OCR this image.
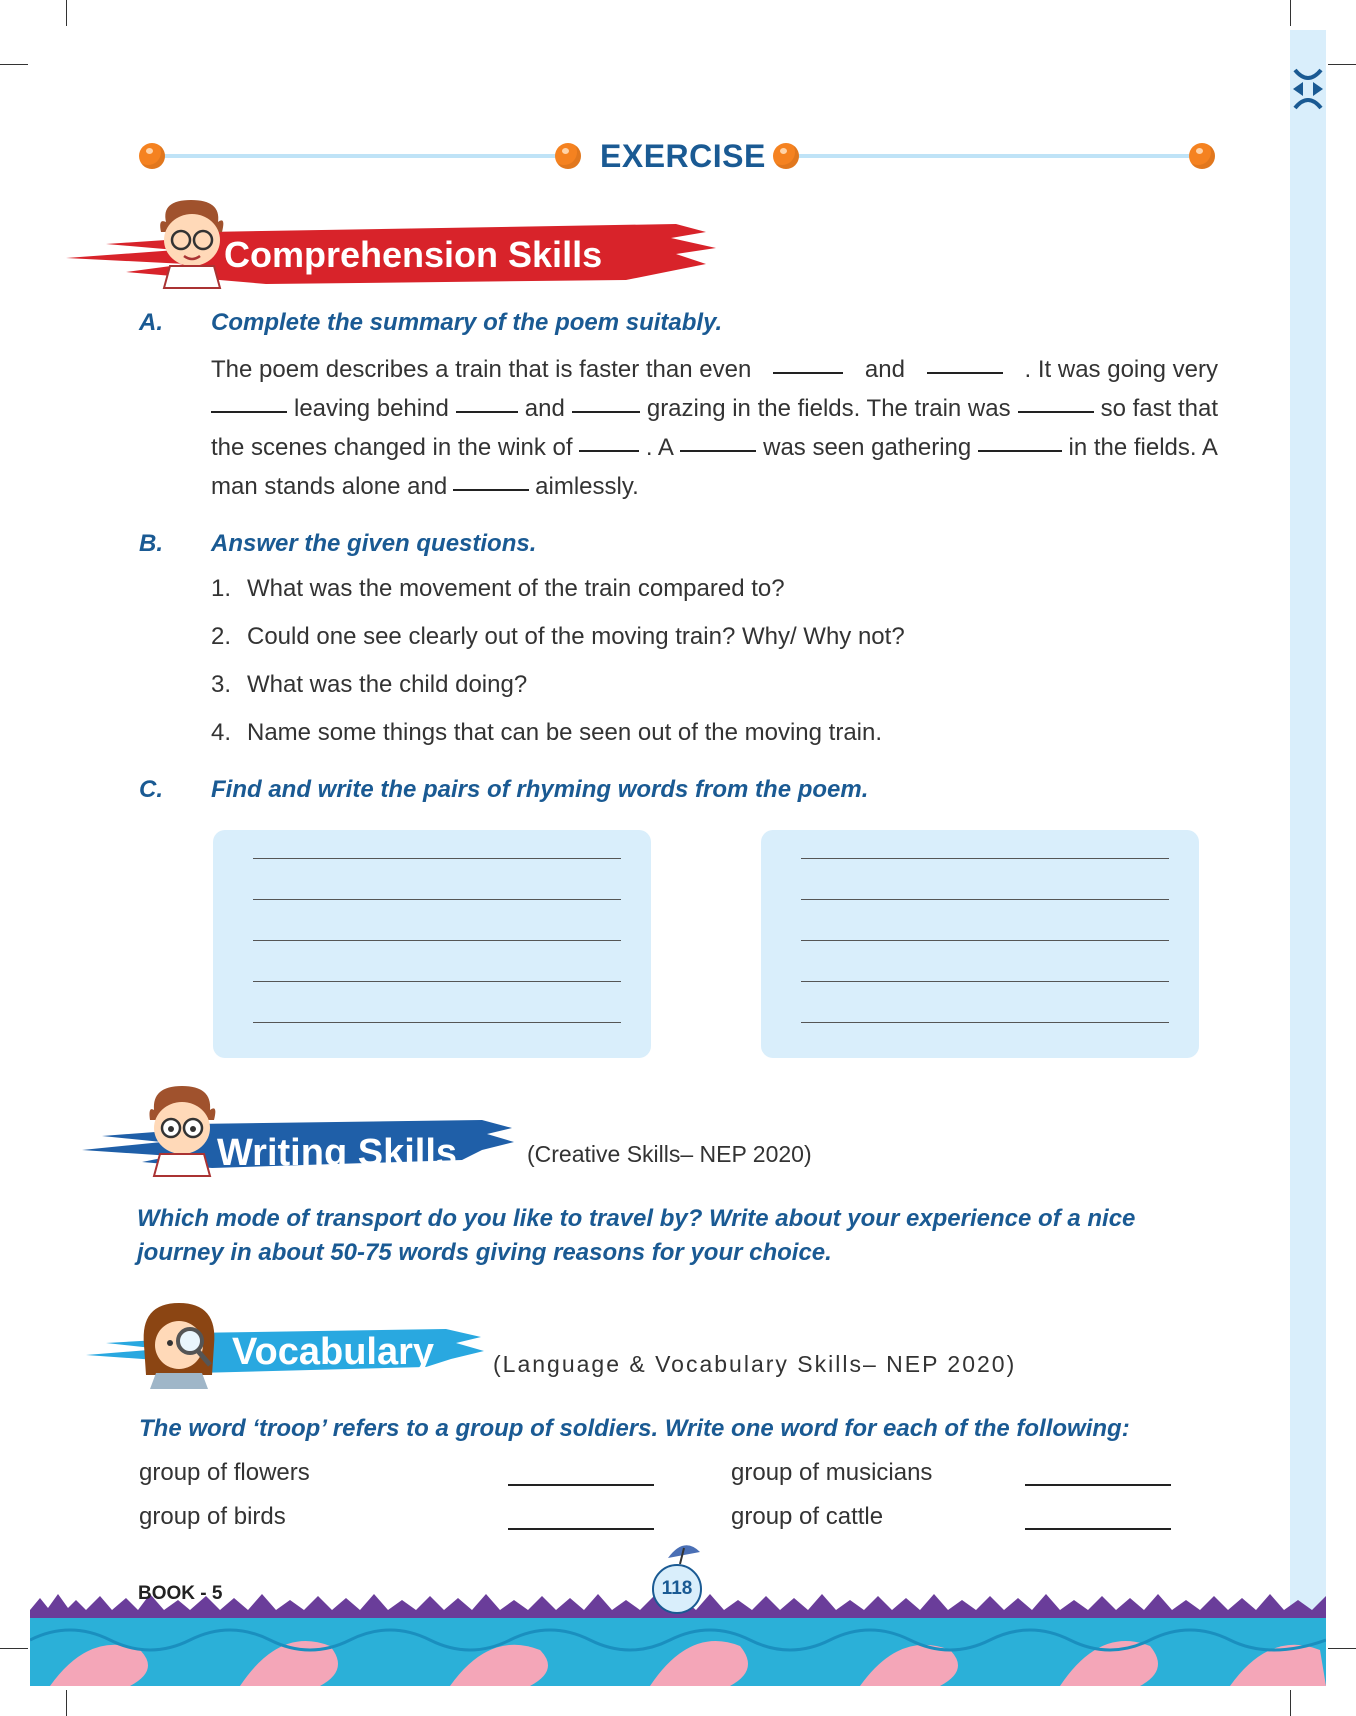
EXERCISE
Comprehension Skills
A. Complete the summary of the poem suitably.
The poem describes a train that is faster than even	and	. It was going very
leaving behind	and	grazing in the fields. The train was	so fast that
the scenes changed in the wink of	. A	was seen gathering	in the fields. A
man stands alone and	aimlessly.
B. Answer the given questions.
1. What was the movement of the train compared to?
2. Could one see clearly out of the moving train? Why/ Why not?
3. What was the child doing?
4. Name some things that can be seen out of the moving train.
C. Find and write the pairs of rhyming words from the poem.
Writing Skills	(Creative Skills– NEP 2020)
Which mode of transport do you like to travel by? Write about your experience of a nice journey in about 50-75 words giving reasons for your choice.
Vocabulary	(Language & Vocabulary Skills– NEP 2020)
The word ‘troop’ refers to a group of soldiers. Write one word for each of the following:
group of flowers	group of musicians
group of birds	group of cattle
BOOK - 5	118
